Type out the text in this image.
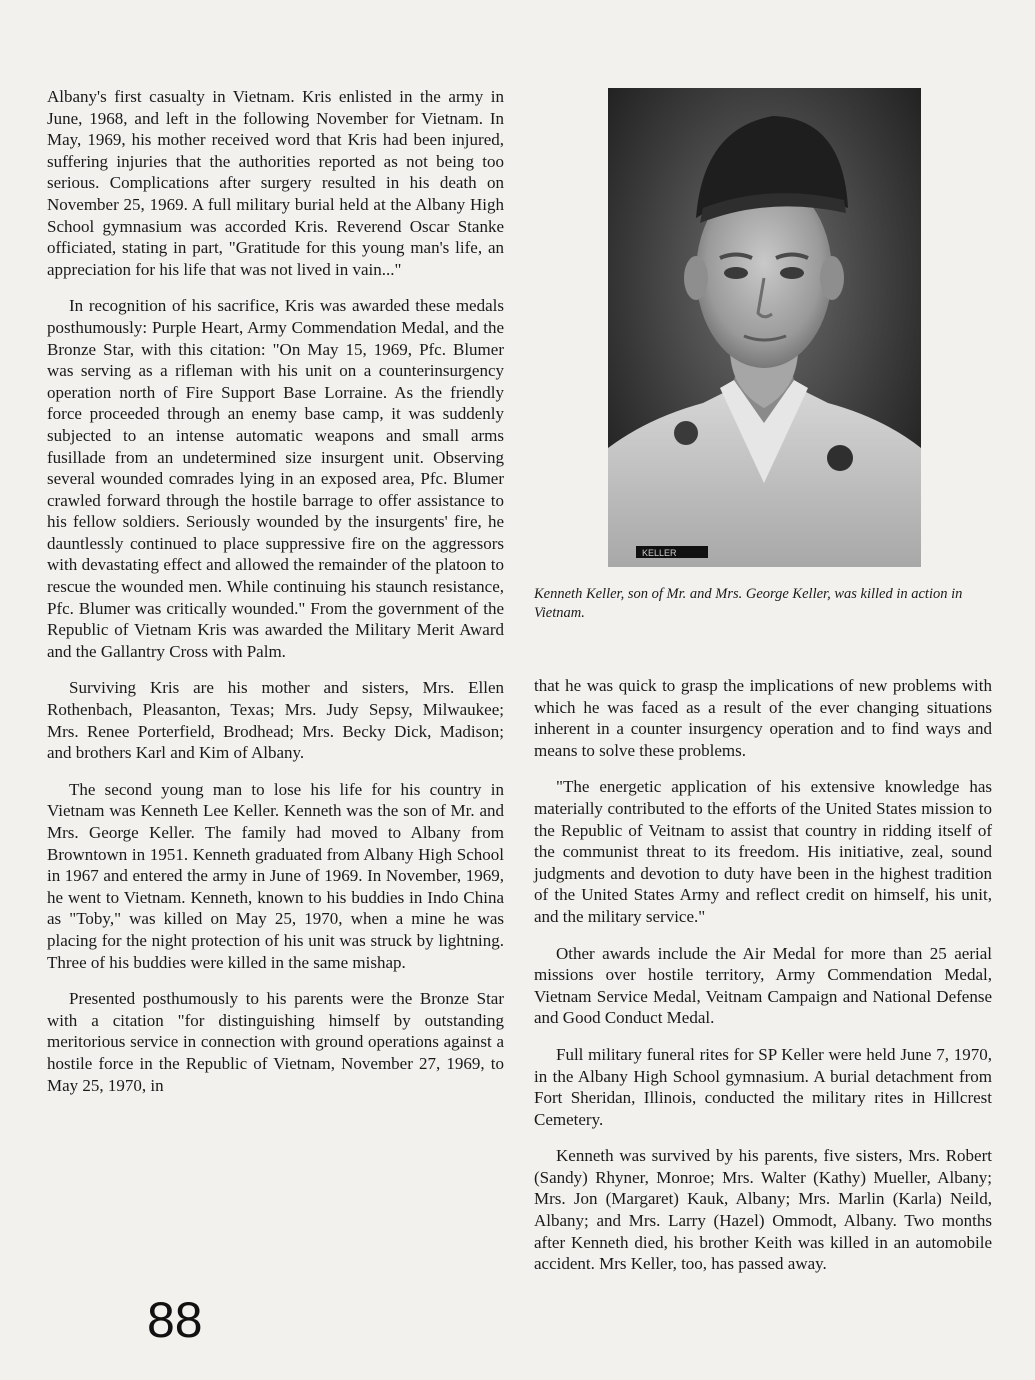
Albany's first casualty in Vietnam. Kris enlisted in the army in June, 1968, and left in the following November for Vietnam. In May, 1969, his mother received word that Kris had been injured, suffering injuries that the authorities reported as not being too serious. Complications after surgery resulted in his death on November 25, 1969. A full military burial held at the Albany High School gymnasium was accorded Kris. Reverend Oscar Stanke officiated, stating in part, "Gratitude for this young man's life, an appreciation for his life that was not lived in vain..."

In recognition of his sacrifice, Kris was awarded these medals posthumously: Purple Heart, Army Commendation Medal, and the Bronze Star, with this citation: "On May 15, 1969, Pfc. Blumer was serving as a rifleman with his unit on a counterinsurgency operation north of Fire Support Base Lorraine. As the friendly force proceeded through an enemy base camp, it was suddenly subjected to an intense automatic weapons and small arms fusillade from an undetermined size insurgent unit. Observing several wounded comrades lying in an exposed area, Pfc. Blumer crawled forward through the hostile barrage to offer assistance to his fellow soldiers. Seriously wounded by the insurgents' fire, he dauntlessly continued to place suppressive fire on the aggressors with devastating effect and allowed the remainder of the platoon to rescue the wounded men. While continuing his staunch resistance, Pfc. Blumer was critically wounded." From the government of the Republic of Vietnam Kris was awarded the Military Merit Award and the Gallantry Cross with Palm.

Surviving Kris are his mother and sisters, Mrs. Ellen Rothenbach, Pleasanton, Texas; Mrs. Judy Sepsy, Milwaukee; Mrs. Renee Porterfield, Brodhead; Mrs. Becky Dick, Madison; and brothers Karl and Kim of Albany.

The second young man to lose his life for his country in Vietnam was Kenneth Lee Keller. Kenneth was the son of Mr. and Mrs. George Keller. The family had moved to Albany from Browntown in 1951. Kenneth graduated from Albany High School in 1967 and entered the army in June of 1969. In November, 1969, he went to Vietnam. Kenneth, known to his buddies in Indo China as "Toby," was killed on May 25, 1970, when a mine he was placing for the night protection of his unit was struck by lightning. Three of his buddies were killed in the same mishap.

Presented posthumously to his parents were the Bronze Star with a citation "for distinguishing himself by outstanding meritorious service in connection with ground operations against a hostile force in the Republic of Vietnam, November 27, 1969, to May 25, 1970, in

KELLER
Kenneth Keller, son of Mr. and Mrs. George Keller, was killed in action in Vietnam.

that he was quick to grasp the implications of new problems with which he was faced as a result of the ever changing situations inherent in a counter insurgency operation and to find ways and means to solve these problems.

"The energetic application of his extensive knowledge has materially contributed to the efforts of the United States mission to the Republic of Veitnam to assist that country in ridding itself of the communist threat to its freedom. His initiative, zeal, sound judgments and devotion to duty have been in the highest tradition of the United States Army and reflect credit on himself, his unit, and the military service."

Other awards include the Air Medal for more than 25 aerial missions over hostile territory, Army Commendation Medal, Vietnam Service Medal, Veitnam Campaign and National Defense and Good Conduct Medal.

Full military funeral rites for SP Keller were held June 7, 1970, in the Albany High School gymnasium. A burial detachment from Fort Sheridan, Illinois, conducted the military rites in Hillcrest Cemetery.

Kenneth was survived by his parents, five sisters, Mrs. Robert (Sandy) Rhyner, Monroe; Mrs. Walter (Kathy) Mueller, Albany; Mrs. Jon (Margaret) Kauk, Albany; Mrs. Marlin (Karla) Neild, Albany; and Mrs. Larry (Hazel) Ommodt, Albany. Two months after Kenneth died, his brother Keith was killed in an automobile accident. Mrs Keller, too, has passed away.

88
